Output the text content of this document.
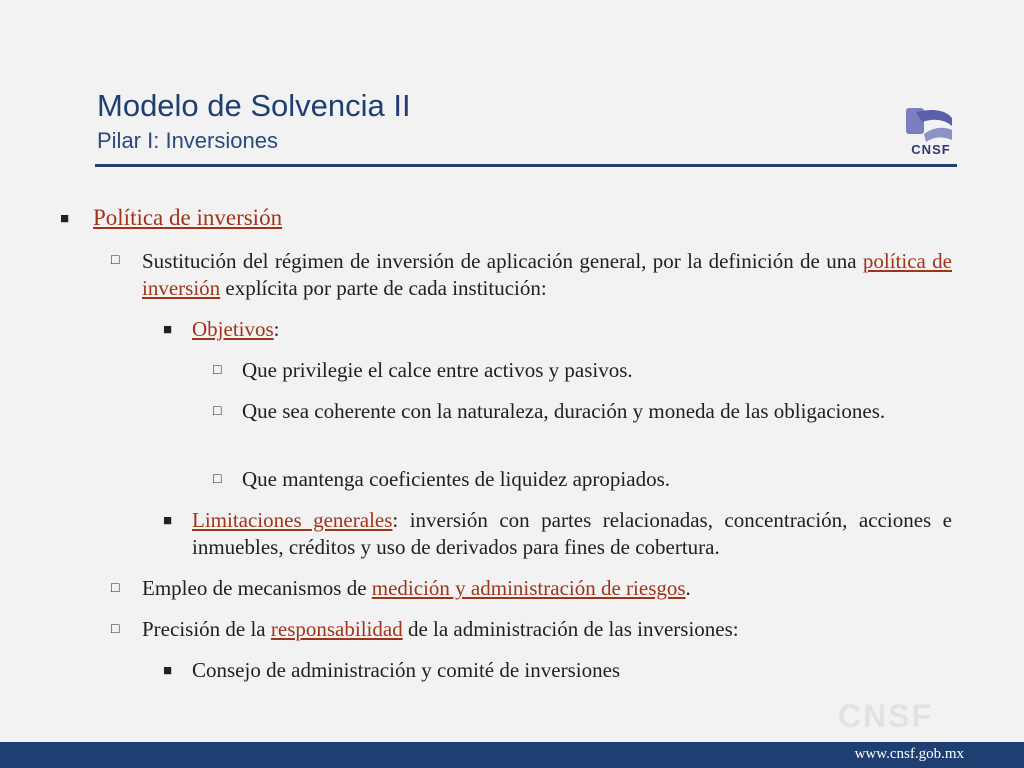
Modelo de Solvencia II
Pilar I: Inversiones	CNSF
■ Política de inversión
□ Sustitución del régimen de inversión de aplicación general, por la definición de una política de inversión explícita por parte de cada institución:
■ Objetivos:
□ Que privilegie el calce entre activos y pasivos.
□ Que sea coherente con la naturaleza, duración y moneda de las obligaciones.
□ Que mantenga coeficientes de liquidez apropiados.
■ Limitaciones generales: inversión con partes relacionadas, concentración, acciones e inmuebles, créditos y uso de derivados para fines de cobertura.
□ Empleo de mecanismos de medición y administración de riesgos.
□ Precisión de la responsabilidad de la administración de las inversiones:
■ Consejo de administración y comité de inversiones
CNSF
www.cnsf.gob.mx
